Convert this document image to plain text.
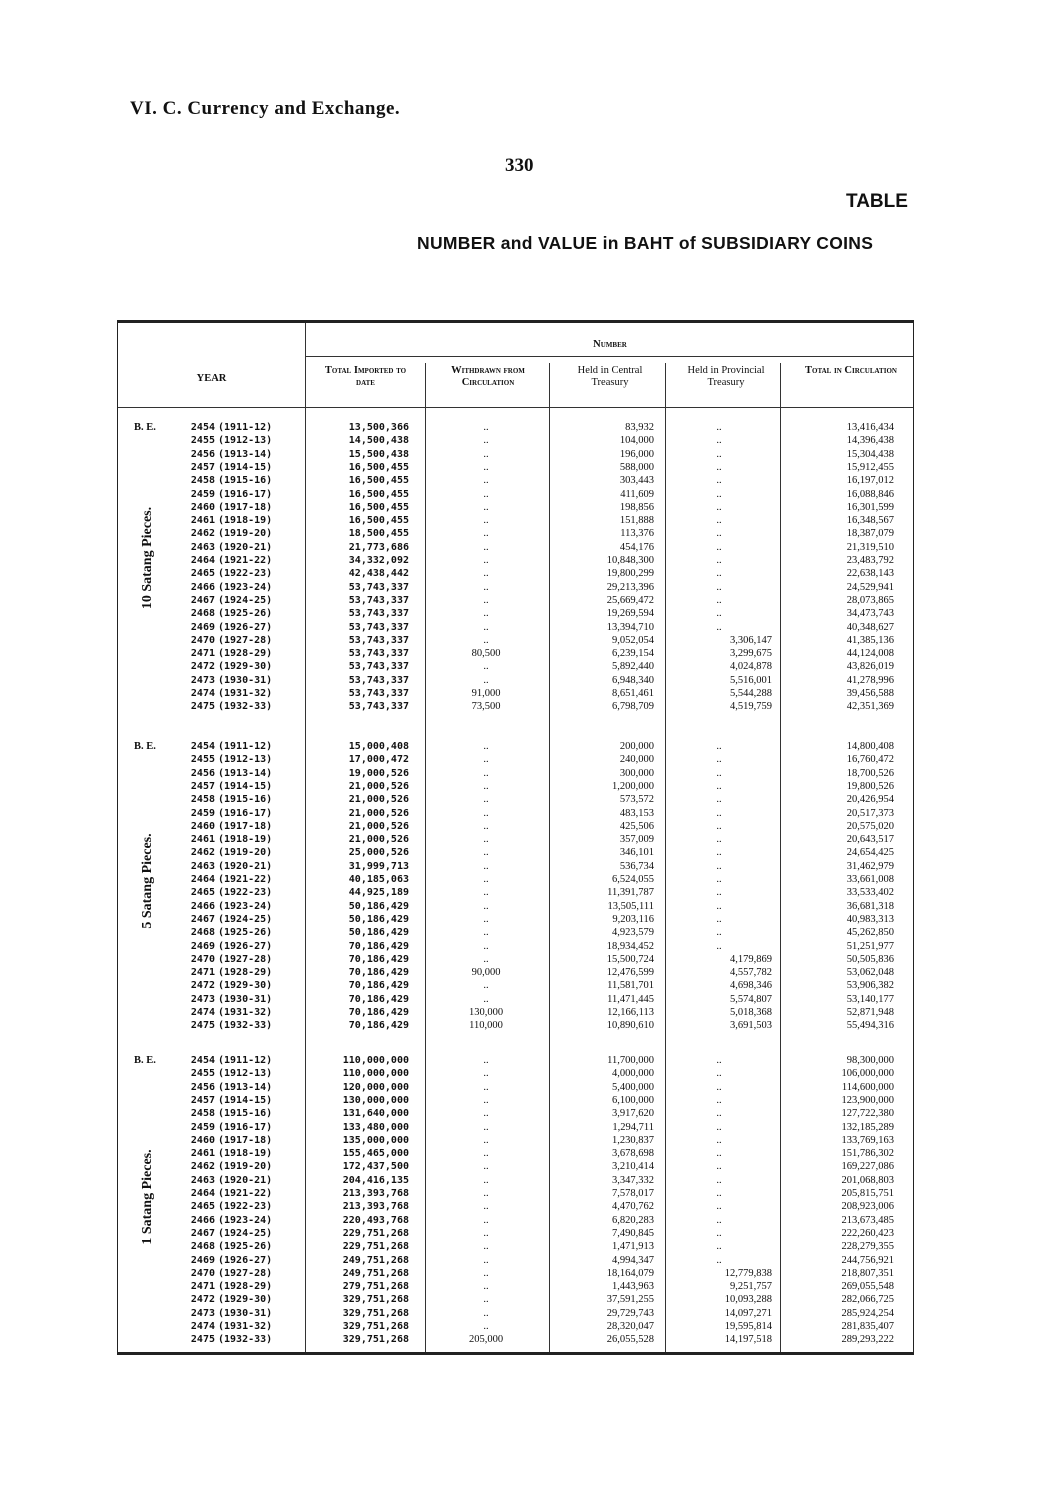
VI. C. Currency and Exchange.
330
TABLE
NUMBER and VALUE in BAHT of SUBSIDIARY COINS
Number
YEAR
Total Imported to date
Withdrawn from Circulation
Held in Central Treasury
Held in Provincial Treasury
Total in Circulation
10 Satang Pieces.
5 Satang Pieces.
1 Satang Pieces.
B. E.	2454 (1911-12)	13,500,366	..	83,932	..	13,416,434
2455 (1912-13)	14,500,438	..	104,000	..	14,396,438
2456 (1913-14)	15,500,438	..	196,000	..	15,304,438
2457 (1914-15)	16,500,455	..	588,000	..	15,912,455
2458 (1915-16)	16,500,455	..	303,443	..	16,197,012
2459 (1916-17)	16,500,455	..	411,609	..	16,088,846
2460 (1917-18)	16,500,455	..	198,856	..	16,301,599
2461 (1918-19)	16,500,455	..	151,888	..	16,348,567
2462 (1919-20)	18,500,455	..	113,376	..	18,387,079
2463 (1920-21)	21,773,686	..	454,176	..	21,319,510
2464 (1921-22)	34,332,092	..	10,848,300	..	23,483,792
2465 (1922-23)	42,438,442	..	19,800,299	..	22,638,143
2466 (1923-24)	53,743,337	..	29,213,396	..	24,529,941
2467 (1924-25)	53,743,337	..	25,669,472	..	28,073,865
2468 (1925-26)	53,743,337	..	19,269,594	..	34,473,743
2469 (1926-27)	53,743,337	..	13,394,710	..	40,348,627
2470 (1927-28)	53,743,337	..	9,052,054	3,306,147	41,385,136
2471 (1928-29)	53,743,337	80,500	6,239,154	3,299,675	44,124,008
2472 (1929-30)	53,743,337	..	5,892,440	4,024,878	43,826,019
2473 (1930-31)	53,743,337	..	6,948,340	5,516,001	41,278,996
2474 (1931-32)	53,743,337	91,000	8,651,461	5,544,288	39,456,588
2475 (1932-33)	53,743,337	73,500	6,798,709	4,519,759	42,351,369
B. E.	2454 (1911-12)	15,000,408	..	200,000	..	14,800,408
2455 (1912-13)	17,000,472	..	240,000	..	16,760,472
2456 (1913-14)	19,000,526	..	300,000	..	18,700,526
2457 (1914-15)	21,000,526	..	1,200,000	..	19,800,526
2458 (1915-16)	21,000,526	..	573,572	..	20,426,954
2459 (1916-17)	21,000,526	..	483,153	..	20,517,373
2460 (1917-18)	21,000,526	..	425,506	..	20,575,020
2461 (1918-19)	21,000,526	..	357,009	..	20,643,517
2462 (1919-20)	25,000,526	..	346,101	..	24,654,425
2463 (1920-21)	31,999,713	..	536,734	..	31,462,979
2464 (1921-22)	40,185,063	..	6,524,055	..	33,661,008
2465 (1922-23)	44,925,189	..	11,391,787	..	33,533,402
2466 (1923-24)	50,186,429	..	13,505,111	..	36,681,318
2467 (1924-25)	50,186,429	..	9,203,116	..	40,983,313
2468 (1925-26)	50,186,429	..	4,923,579	..	45,262,850
2469 (1926-27)	70,186,429	..	18,934,452	..	51,251,977
2470 (1927-28)	70,186,429	..	15,500,724	4,179,869	50,505,836
2471 (1928-29)	70,186,429	90,000	12,476,599	4,557,782	53,062,048
2472 (1929-30)	70,186,429	..	11,581,701	4,698,346	53,906,382
2473 (1930-31)	70,186,429	..	11,471,445	5,574,807	53,140,177
2474 (1931-32)	70,186,429	130,000	12,166,113	5,018,368	52,871,948
2475 (1932-33)	70,186,429	110,000	10,890,610	3,691,503	55,494,316
B. E.	2454 (1911-12)	110,000,000	..	11,700,000	..	98,300,000
2455 (1912-13)	110,000,000	..	4,000,000	..	106,000,000
2456 (1913-14)	120,000,000	..	5,400,000	..	114,600,000
2457 (1914-15)	130,000,000	..	6,100,000	..	123,900,000
2458 (1915-16)	131,640,000	..	3,917,620	..	127,722,380
2459 (1916-17)	133,480,000	..	1,294,711	..	132,185,289
2460 (1917-18)	135,000,000	..	1,230,837	..	133,769,163
2461 (1918-19)	155,465,000	..	3,678,698	..	151,786,302
2462 (1919-20)	172,437,500	..	3,210,414	..	169,227,086
2463 (1920-21)	204,416,135	..	3,347,332	..	201,068,803
2464 (1921-22)	213,393,768	..	7,578,017	..	205,815,751
2465 (1922-23)	213,393,768	..	4,470,762	..	208,923,006
2466 (1923-24)	220,493,768	..	6,820,283	..	213,673,485
2467 (1924-25)	229,751,268	..	7,490,845	..	222,260,423
2468 (1925-26)	229,751,268	..	1,471,913	..	228,279,355
2469 (1926-27)	249,751,268	..	4,994,347	..	244,756,921
2470 (1927-28)	249,751,268	..	18,164,079	12,779,838	218,807,351
2471 (1928-29)	279,751,268	..	1,443,963	9,251,757	269,055,548
2472 (1929-30)	329,751,268	..	37,591,255	10,093,288	282,066,725
2473 (1930-31)	329,751,268	..	29,729,743	14,097,271	285,924,254
2474 (1931-32)	329,751,268	..	28,320,047	19,595,814	281,835,407
2475 (1932-33)	329,751,268	205,000	26,055,528	14,197,518	289,293,222
